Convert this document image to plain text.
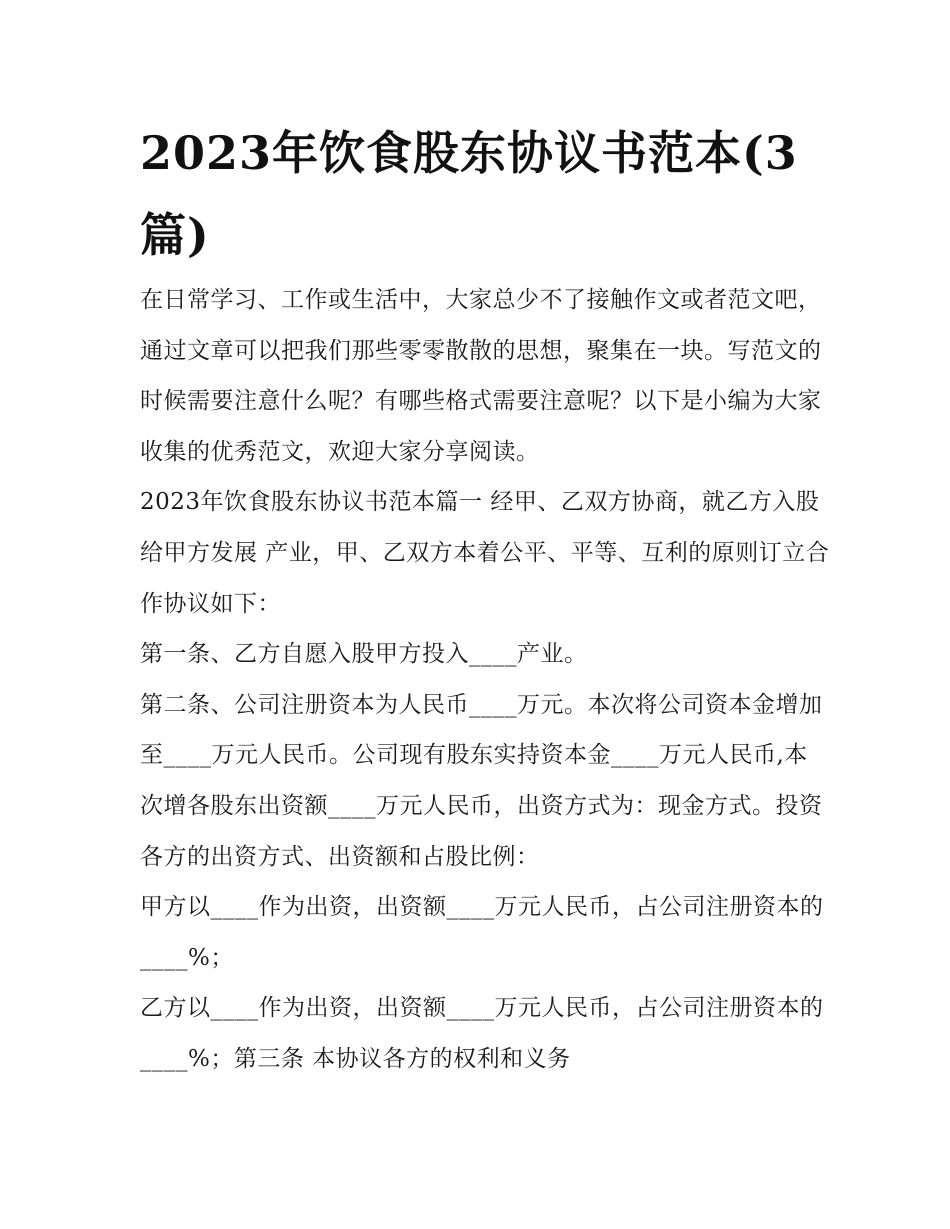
2023年饮食股东协议书范本(3篇)

在日常学习、工作或生活中，大家总少不了接触作文或者范文吧，通过文章可以把我们那些零零散散的思想，聚集在一块。写范文的时候需要注意什么呢？有哪些格式需要注意呢？以下是小编为大家收集的优秀范文，欢迎大家分享阅读。

2023年饮食股东协议书范本篇一 经甲、乙双方协商，就乙方入股给甲方发展 产业，甲、乙双方本着公平、平等、互利的原则订立合作协议如下：

第一条、乙方自愿入股甲方投入____产业。

第二条、公司注册资本为人民币____万元。本次将公司资本金增加至____万元人民币。公司现有股东实持资本金____万元人民币,本次增各股东出资额____万元人民币，出资方式为：现金方式。投资各方的出资方式、出资额和占股比例：

甲方以____作为出资，出资额____万元人民币，占公司注册资本的____%；

乙方以____作为出资，出资额____万元人民币，占公司注册资本的____%；第三条 本协议各方的权利和义务
